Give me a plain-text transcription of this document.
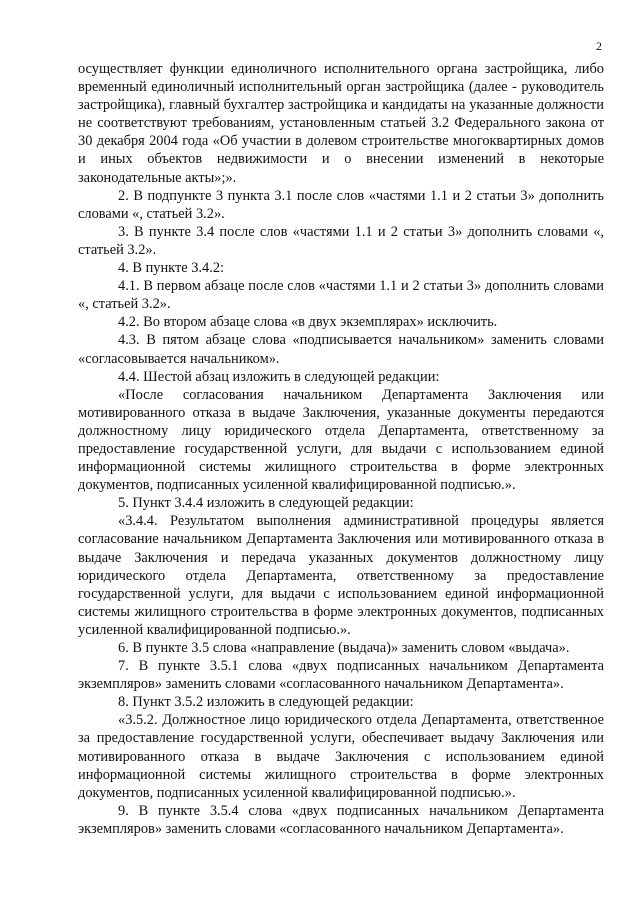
2

осуществляет функции единоличного исполнительного органа застройщика, либо временный единоличный исполнительный орган застройщика (далее - руководитель застройщика), главный бухгалтер застройщика и кандидаты на указанные должности не соответствуют требованиям, установленным статьей 3.2 Федерального закона от 30 декабря 2004 года «Об участии в долевом строительстве многоквартирных домов и иных объектов недвижимости и о внесении изменений в некоторые законодательные акты»;».

2. В подпункте 3 пункта 3.1 после слов «частями 1.1 и 2 статьи 3» дополнить словами «, статьей 3.2».

3. В пункте 3.4 после слов «частями 1.1 и 2 статьи 3» дополнить словами «, статьей 3.2».

4. В пункте 3.4.2:

4.1. В первом абзаце после слов «частями 1.1 и 2 статьи 3» дополнить словами «, статьей 3.2».

4.2. Во втором абзаце слова «в двух экземплярах» исключить.

4.3. В пятом абзаце слова «подписывается начальником» заменить словами «согласовывается начальником».

4.4. Шестой абзац изложить в следующей редакции:

«После согласования начальником Департамента Заключения или мотивированного отказа в выдаче Заключения, указанные документы передаются должностному лицу юридического отдела Департамента, ответственному за предоставление государственной услуги, для выдачи с использованием единой информационной системы жилищного строительства в форме электронных документов, подписанных усиленной квалифицированной подписью.».

5. Пункт 3.4.4 изложить в следующей редакции:

«3.4.4. Результатом выполнения административной процедуры является согласование начальником Департамента Заключения или мотивированного отказа в выдаче Заключения и передача указанных документов должностному лицу юридического отдела Департамента, ответственному за предоставление государственной услуги, для выдачи с использованием единой информационной системы жилищного строительства в форме электронных документов, подписанных усиленной квалифицированной подписью.».

6. В пункте 3.5 слова «направление (выдача)» заменить словом «выдача».

7. В пункте 3.5.1 слова «двух подписанных начальником Департамента экземпляров» заменить словами «согласованного начальником Департамента».

8. Пункт 3.5.2 изложить в следующей редакции:

«3.5.2. Должностное лицо юридического отдела Департамента, ответственное за предоставление государственной услуги, обеспечивает выдачу Заключения или мотивированного отказа в выдаче Заключения с использованием единой информационной системы жилищного строительства в форме электронных документов, подписанных усиленной квалифицированной подписью.».

9. В пункте 3.5.4 слова «двух подписанных начальником Департамента экземпляров» заменить словами «согласованного начальником Департамента».
